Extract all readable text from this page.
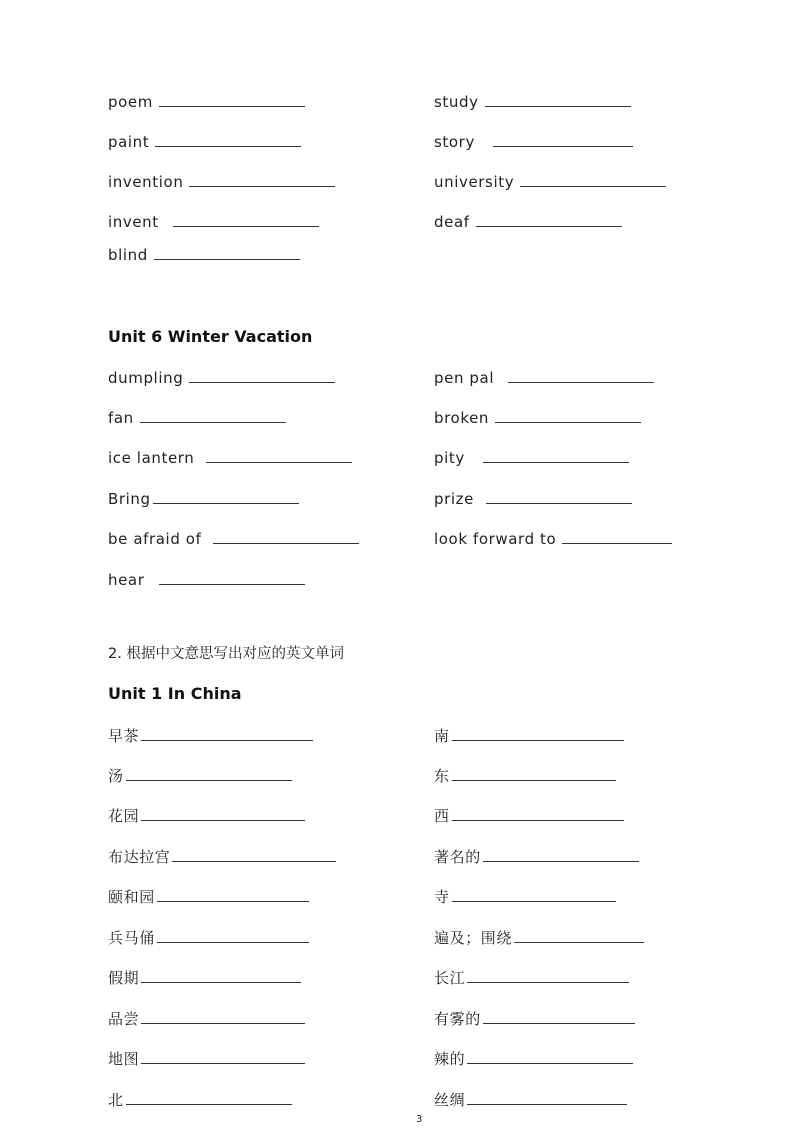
poem
paint
invention
invent
blind
study
story
university
deaf
Unit 6 Winter Vacation
dumpling
fan
ice lantern
Bring
be afraid of
hear
pen pal
broken
pity
prize
look forward to
2. 根据中文意思写出对应的英文单词
Unit 1 In China
早茶
汤
花园
布达拉宫
颐和园
兵马俑
假期
品尝
地图
北
南
东
西
著名的
寺
遍及；围绕
长江
有雾的
辣的
丝绸
3
